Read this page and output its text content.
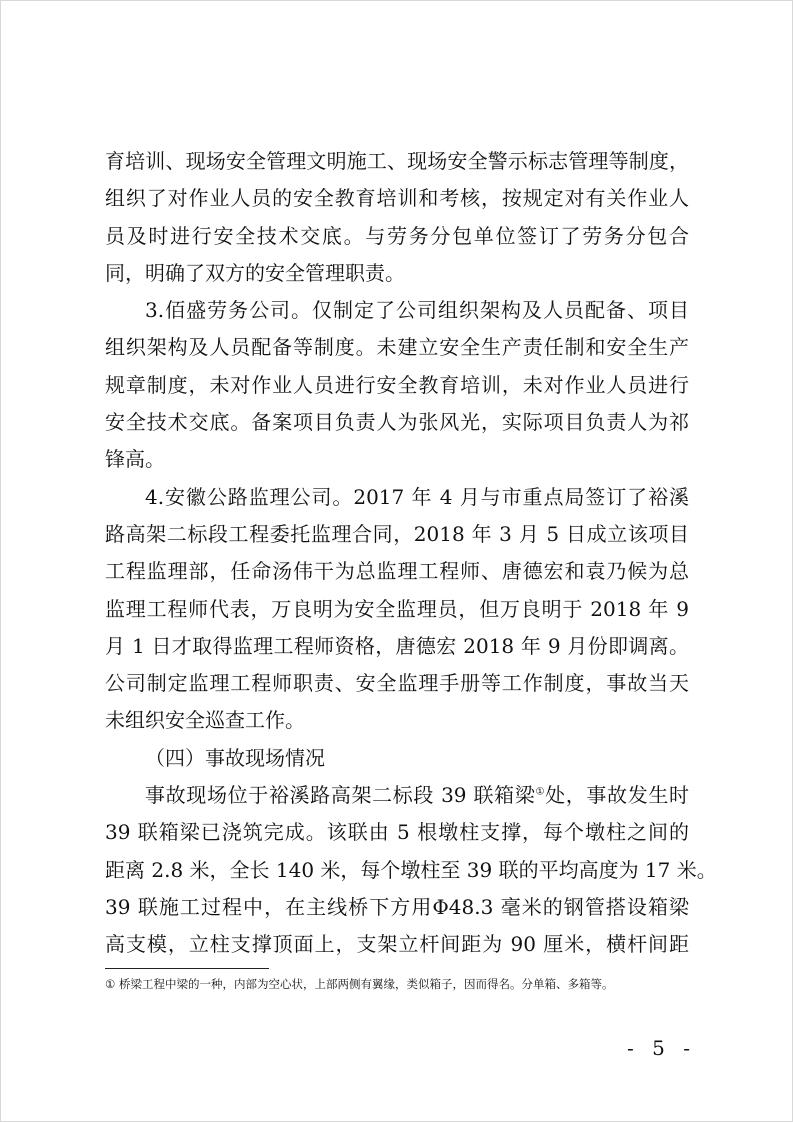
育培训、现场安全管理文明施工、现场安全警示标志管理等制度，
组织了对作业人员的安全教育培训和考核，按规定对有关作业人
员及时进行安全技术交底。与劳务分包单位签订了劳务分包合
同，明确了双方的安全管理职责。
3.佰盛劳务公司。仅制定了公司组织架构及人员配备、项目
组织架构及人员配备等制度。未建立安全生产责任制和安全生产
规章制度，未对作业人员进行安全教育培训，未对作业人员进行
安全技术交底。备案项目负责人为张风光，实际项目负责人为祁
锋高。
4.安徽公路监理公司。2017 年 4 月与市重点局签订了裕溪
路高架二标段工程委托监理合同，2018 年 3 月 5 日成立该项目
工程监理部，任命汤伟干为总监理工程师、唐德宏和袁乃候为总
监理工程师代表，万良明为安全监理员，但万良明于 2018 年 9
月 1 日才取得监理工程师资格，唐德宏 2018 年 9 月份即调离。
公司制定监理工程师职责、安全监理手册等工作制度，事故当天
未组织安全巡查工作。
（四）事故现场情况
事故现场位于裕溪路高架二标段 39 联箱梁①处，事故发生时
39 联箱梁已浇筑完成。该联由 5 根墩柱支撑，每个墩柱之间的
距离 2.8 米，全长 140 米，每个墩柱至 39 联的平均高度为 17 米。
39 联施工过程中，在主线桥下方用Φ48.3 毫米的钢管搭设箱梁
高支模，立柱支撑顶面上，支架立杆间距为 90 厘米，横杆间距
① 桥梁工程中梁的一种，内部为空心状，上部两侧有翼缘，类似箱子，因而得名。分单箱、多箱等。
- 5 -
